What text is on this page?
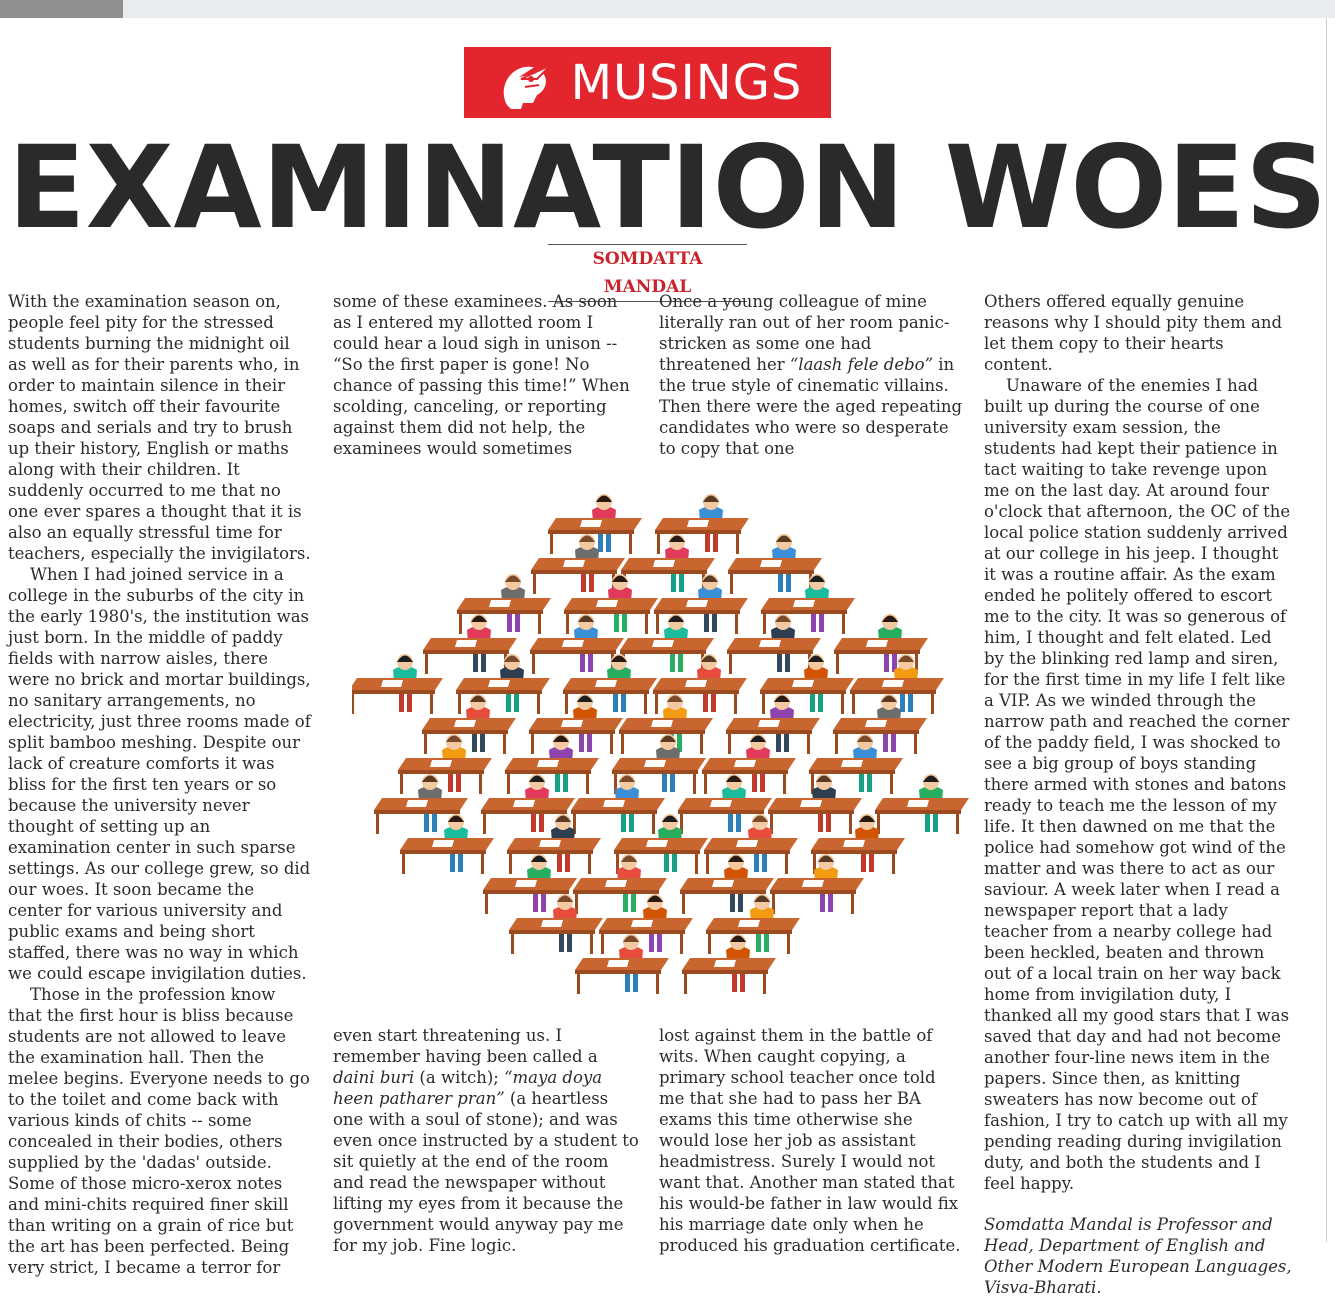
MUSINGS
EXAMINATION WOES
SOMDATTA MANDAL

With the examination season on, people feel pity for the stressed students burning the midnight oil as well as for their parents who, in order to maintain silence in their homes, switch off their favourite soaps and serials and try to brush up their history, English or maths along with their children. It suddenly occurred to me that no one ever spares a thought that it is also an equally stressful time for teachers, especially the invigilators.

When I had joined service in a college in the suburbs of the city in the early 1980's, the institution was just born. In the middle of paddy fields with narrow aisles, there were no brick and mortar buildings, no sanitary arrangements, no electricity, just three rooms made of split bamboo meshing. Despite our lack of creature comforts it was bliss for the first ten years or so because the university never thought of setting up an examination center in such sparse settings. As our college grew, so did our woes. It soon became the center for various university and public exams and being short staffed, there was no way in which we could escape invigilation duties.

Those in the profession know that the first hour is bliss because students are not allowed to leave the examination hall. Then the melee begins. Everyone needs to go to the toilet and come back with various kinds of chits -- some concealed in their bodies, others supplied by the 'dadas' outside. Some of those micro-xerox notes and mini-chits required finer skill than writing on a grain of rice but the art has been perfected. Being very strict, I became a terror for

some of these examinees. As soon as I entered my allotted room I could hear a loud sigh in unison -- “So the first paper is gone! No chance of passing this time!” When scolding, canceling, or reporting against them did not help, the examinees would sometimes

even start threatening us. I remember having been called a daini buri (a witch); “maya doya heen patharer pran” (a heartless one with a soul of stone); and was even once instructed by a student to sit quietly at the end of the room and read the newspaper without lifting my eyes from it because the government would anyway pay me for my job. Fine logic.

Once a young colleague of mine literally ran out of her room panic-stricken as some one had threatened her “laash fele debo” in the true style of cinematic villains. Then there were the aged repeating candidates who were so desperate to copy that one

lost against them in the battle of wits. When caught copying, a primary school teacher once told me that she had to pass her BA exams this time otherwise she would lose her job as assistant headmistress. Surely I would not want that. Another man stated that his would-be father in law would fix his marriage date only when he produced his graduation certificate.

Others offered equally genuine reasons why I should pity them and let them copy to their hearts content.

Unaware of the enemies I had built up during the course of one university exam session, the students had kept their patience in tact waiting to take revenge upon me on the last day. At around four o'clock that afternoon, the OC of the local police station suddenly arrived at our college in his jeep. I thought it was a routine affair. As the exam ended he politely offered to escort me to the city. It was so generous of him, I thought and felt elated. Led by the blinking red lamp and siren, for the first time in my life I felt like a VIP. As we winded through the narrow path and reached the corner of the paddy field, I was shocked to see a big group of boys standing there armed with stones and batons ready to teach me the lesson of my life. It then dawned on me that the police had somehow got wind of the matter and was there to act as our saviour. A week later when I read a newspaper report that a lady teacher from a nearby college had been heckled, beaten and thrown out of a local train on her way back home from invigilation duty, I thanked all my good stars that I was saved that day and had not become another four-line news item in the papers. Since then, as knitting sweaters has now become out of fashion, I try to catch up with all my pending reading during invigilation duty, and both the students and I feel happy.

Somdatta Mandal is Professor and Head, Department of English and Other Modern European Languages, Visva-Bharati.
